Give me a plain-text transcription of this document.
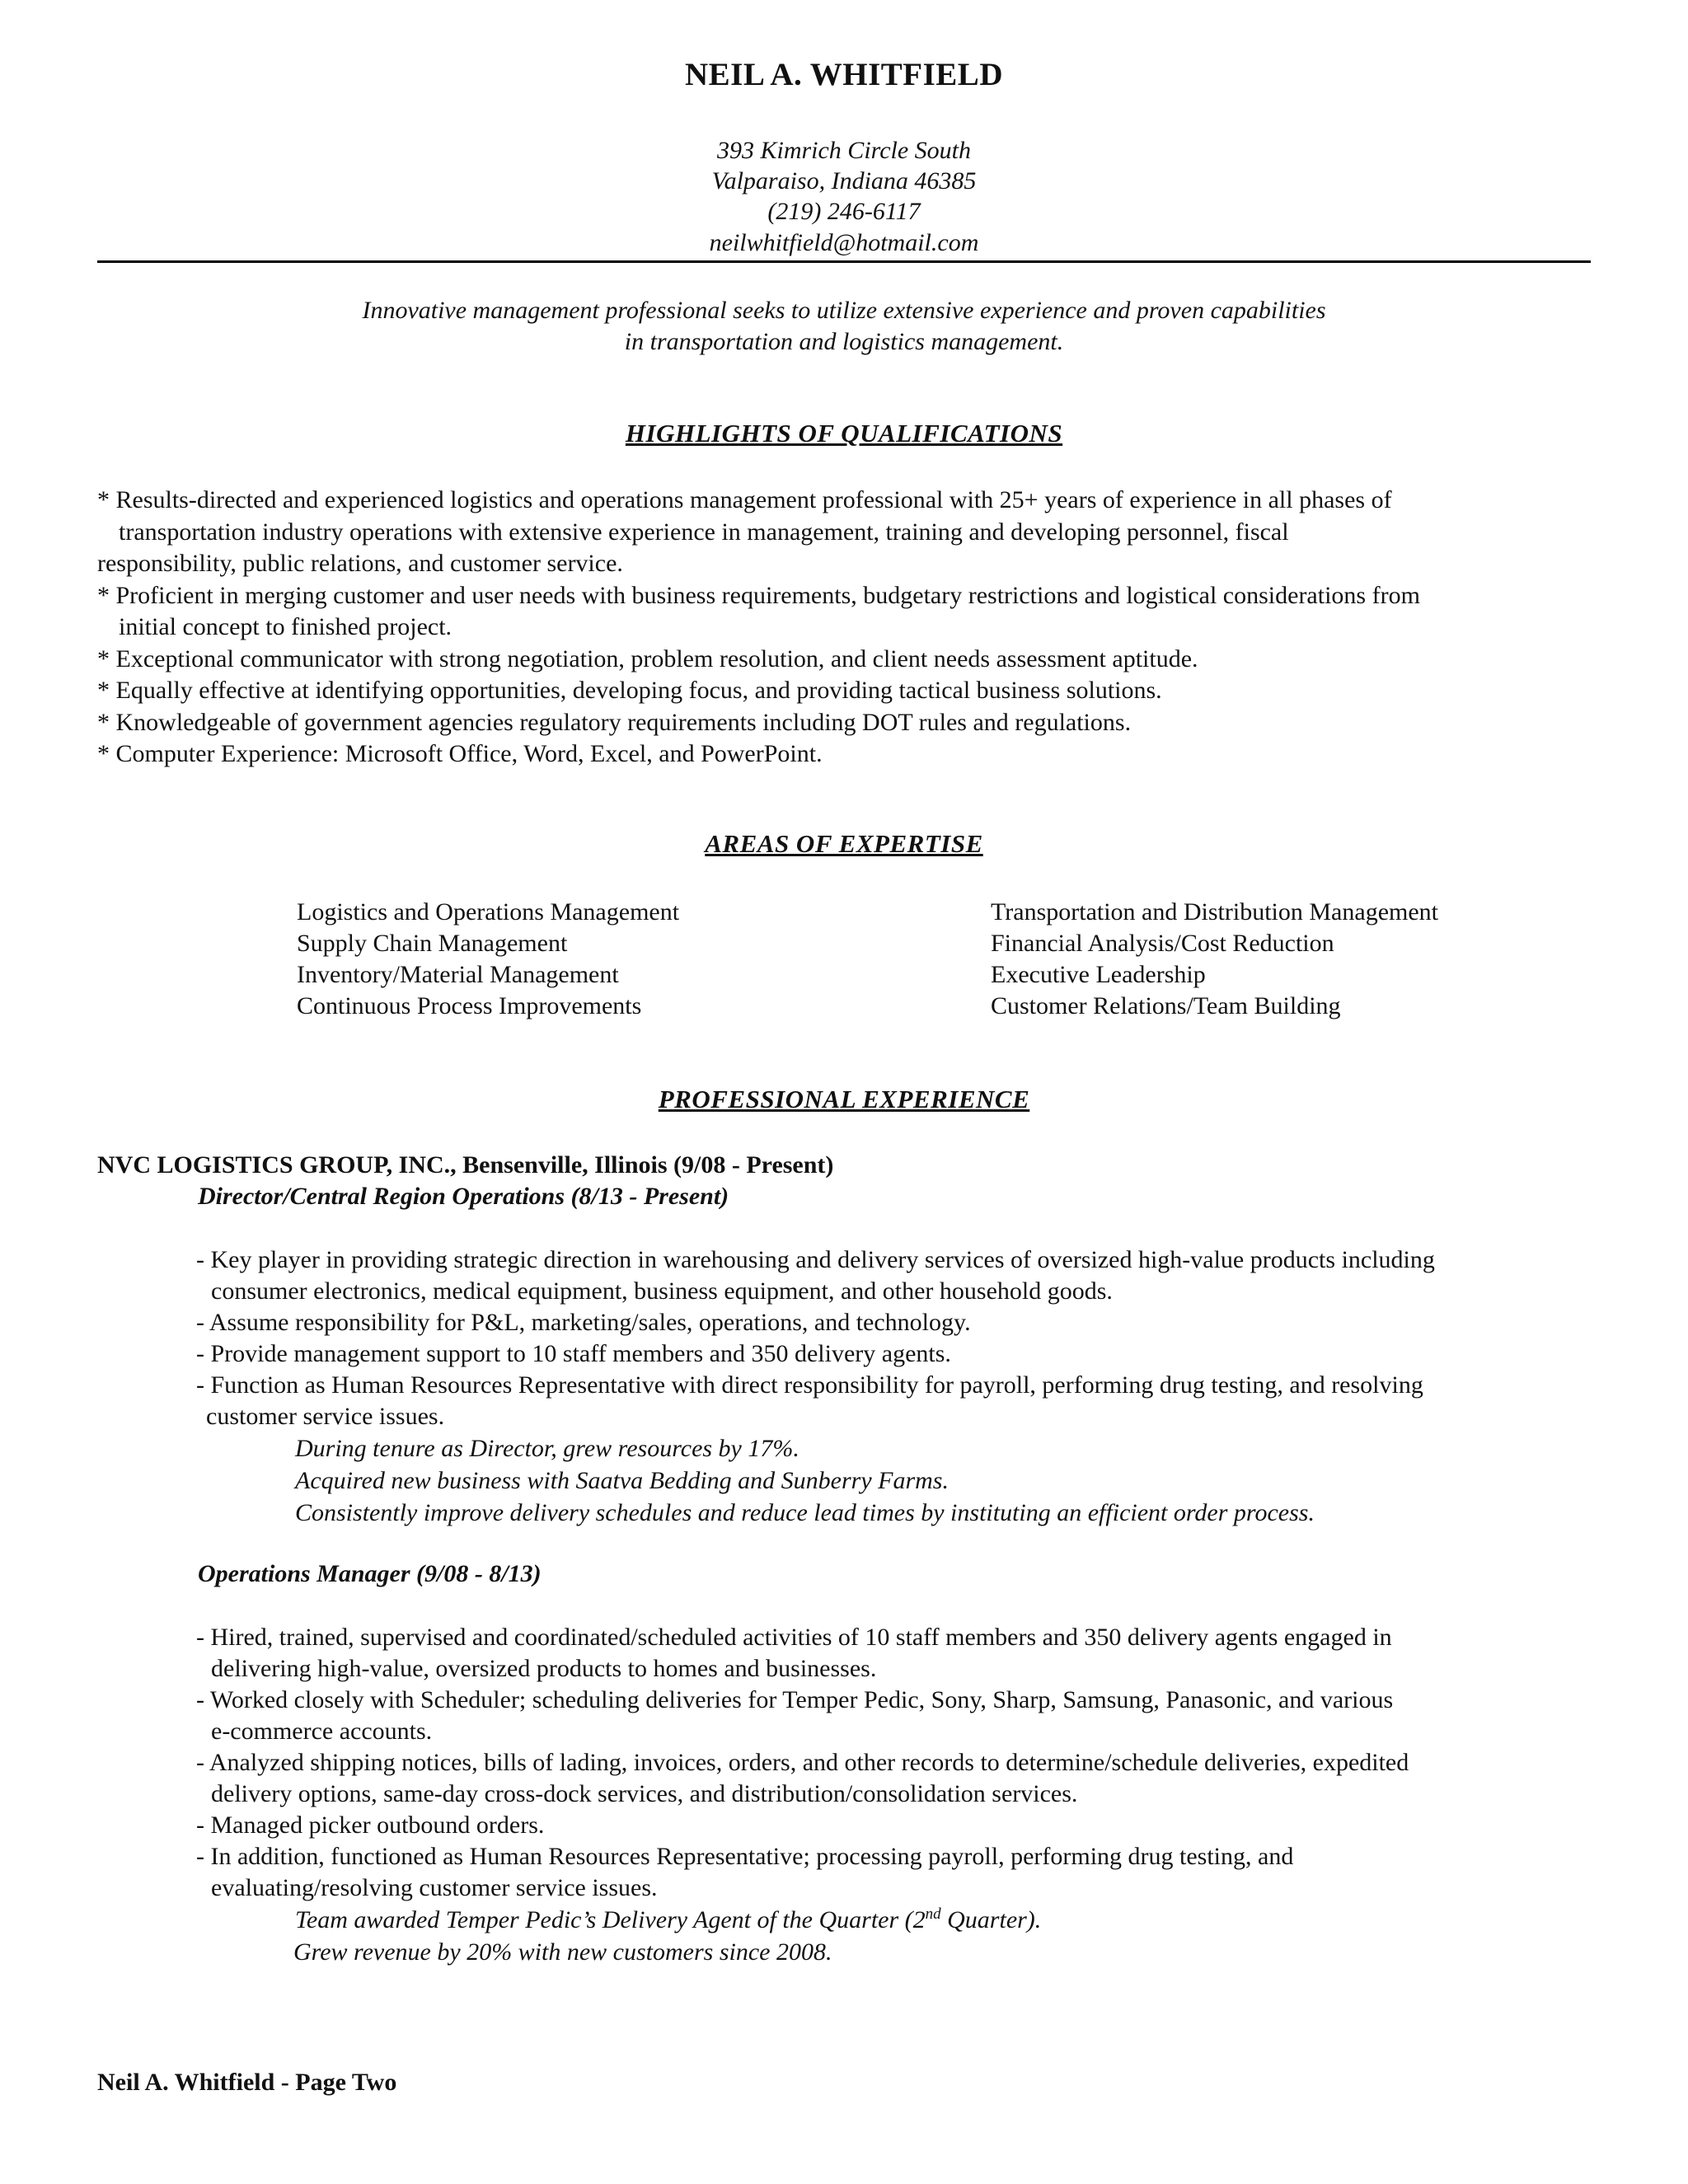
NEIL A. WHITFIELD
393 Kimrich Circle South
Valparaiso, Indiana 46385
(219) 246-6117
neilwhitfield@hotmail.com
Innovative management professional seeks to utilize extensive experience and proven capabilities
in transportation and logistics management.
HIGHLIGHTS OF QUALIFICATIONS
* Results-directed and experienced logistics and operations management professional with 25+ years of experience in all phases of
transportation industry operations with extensive experience in management, training and developing personnel, fiscal
responsibility, public relations, and customer service.
* Proficient in merging customer and user needs with business requirements, budgetary restrictions and logistical considerations from
initial concept to finished project.
* Exceptional communicator with strong negotiation, problem resolution, and client needs assessment aptitude.
* Equally effective at identifying opportunities, developing focus, and providing tactical business solutions.
* Knowledgeable of government agencies regulatory requirements including DOT rules and regulations.
* Computer Experience: Microsoft Office, Word, Excel, and PowerPoint.
AREAS OF EXPERTISE
Logistics and Operations Management
Supply Chain Management
Inventory/Material Management
Continuous Process Improvements
Transportation and Distribution Management
Financial Analysis/Cost Reduction
Executive Leadership
Customer Relations/Team Building
PROFESSIONAL EXPERIENCE
NVC LOGISTICS GROUP, INC., Bensenville, Illinois (9/08 - Present)
Director/Central Region Operations (8/13 - Present)
- Key player in providing strategic direction in warehousing and delivery services of oversized high-value products including
consumer electronics, medical equipment, business equipment, and other household goods.
- Assume responsibility for P&L, marketing/sales, operations, and technology.
- Provide management support to 10 staff members and 350 delivery agents.
- Function as Human Resources Representative with direct responsibility for payroll, performing drug testing, and resolving
customer service issues.
During tenure as Director, grew resources by 17%.
Acquired new business with Saatva Bedding and Sunberry Farms.
Consistently improve delivery schedules and reduce lead times by instituting an efficient order process.
Operations Manager (9/08 - 8/13)
- Hired, trained, supervised and coordinated/scheduled activities of 10 staff members and 350 delivery agents engaged in
delivering high-value, oversized products to homes and businesses.
- Worked closely with Scheduler; scheduling deliveries for Temper Pedic, Sony, Sharp, Samsung, Panasonic, and various
e-commerce accounts.
- Analyzed shipping notices, bills of lading, invoices, orders, and other records to determine/schedule deliveries, expedited
delivery options, same-day cross-dock services, and distribution/consolidation services.
- Managed picker outbound orders.
- In addition, functioned as Human Resources Representative; processing payroll, performing drug testing, and
evaluating/resolving customer service issues.
Team awarded Temper Pedic’s Delivery Agent of the Quarter (2nd Quarter).
Grew revenue by 20% with new customers since 2008.
Neil A. Whitfield - Page Two
